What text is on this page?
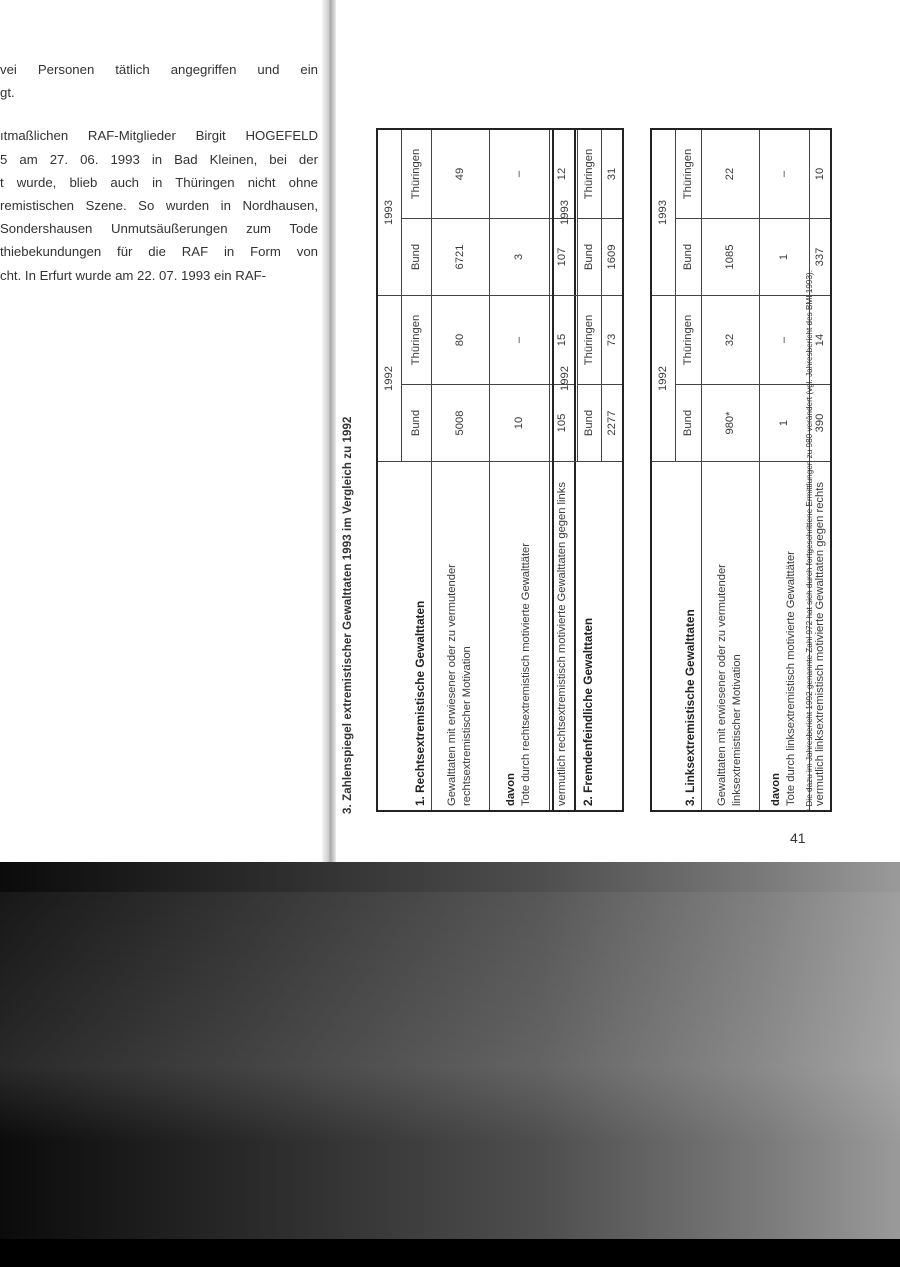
vei Personen tätlich angegriffen und ein
gt.
ıtmaßlichen RAF-Mitglieder Birgit HOGEFELD
5 am 27. 06. 1993 in Bad Kleinen, bei der
t wurde, blieb auch in Thüringen nicht ohne
remistischen Szene. So wurden in Nordhausen,
Sondershausen Unmutsäußerungen zum Tode
thiebekundungen für die RAF in Form von
cht. In Erfurt wurde am 22. 07. 1993 ein RAF-
3. Zahlenspiegel extremistischer Gewalttaten 1993 im Vergleich zu 1992	1. Rechtsextremistische Gewalttaten	1992		1993	
	Bund	Thüringen	Bund	Thüringen
Gewalttaten mit erwiesener oder zu vermutender rechtsextremistischer Motivation	5008	80	6721	49
davon Tote durch rechtsextremistisch motivierte Gewalttäter	10	–	3	–
vermutlich rechtsextremistisch motivierte Gewalttaten gegen links	105	15	107	12
2. Fremdenfeindliche Gewalttaten	1992		1993	
	Bund	Thüringen	Bund	Thüringen
	2277	73	1609	31
3. Linksextremistische Gewalttaten	1992		1993	
	Bund	Thüringen	Bund	Thüringen
Gewalttaten mit erwiesener oder zu vermutender linksextremistischer Motivation	980*	32	1085	22
davon Tote durch linksextremistisch motivierte Gewalttäter	1	–	1	–
vermutlich linksextremistisch motivierte Gewalttaten gegen rechts	390	14	337	10
* Die dazu im Jahresbericht 1992 genannte Zahl 972 hat sich durch fortgeschrittene Ermittlungen zu 980 verändert (vgl. Jahresbericht des BMI 1993).
41
